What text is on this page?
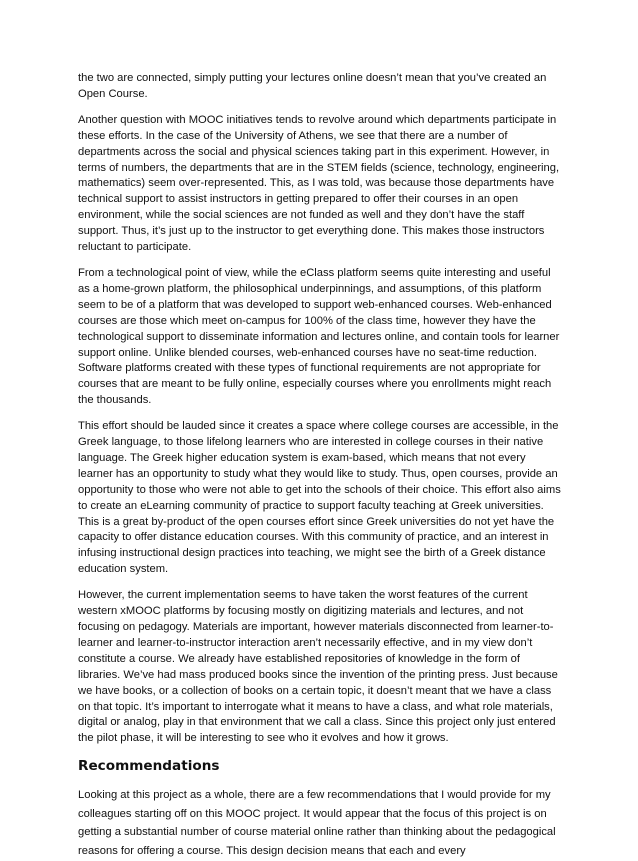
the two are connected, simply putting your lectures online doesn’t mean that you’ve created an Open Course.

Another question with MOOC initiatives tends to revolve around which departments participate in these efforts. In the case of the University of Athens, we see that there are a number of departments across the social and physical sciences taking part in this experiment. However, in terms of numbers, the departments that are in the STEM fields (science, technology, engineering, mathematics) seem over-represented. This, as I was told, was because those departments have technical support to assist instructors in getting prepared to offer their courses in an open environment, while the social sciences are not funded as well and they don’t have the staff support. Thus, it’s just up to the instructor to get everything done. This makes those instructors reluctant to participate.

From a technological point of view, while the eClass platform seems quite interesting and useful as a home-grown platform, the philosophical underpinnings, and assumptions, of this platform seem to be of a platform that was developed to support web-enhanced courses. Web-enhanced courses are those which meet on-campus for 100% of the class time, however they have the technological support to disseminate information and lectures online, and contain tools for learner support online. Unlike blended courses, web-enhanced courses have no seat-time reduction. Software platforms created with these types of functional requirements are not appropriate for courses that are meant to be fully online, especially courses where you enrollments might reach the thousands.

This effort should be lauded since it creates a space where college courses are accessible, in the Greek language, to those lifelong learners who are interested in college courses in their native language. The Greek higher education system is exam-based, which means that not every learner has an opportunity to study what they would like to study. Thus, open courses, provide an opportunity to those who were not able to get into the schools of their choice. This effort also aims to create an eLearning community of practice to support faculty teaching at Greek universities. This is a great by-product of the open courses effort since Greek universities do not yet have the capacity to offer distance education courses. With this community of practice, and an interest in infusing instructional design practices into teaching, we might see the birth of a Greek distance education system.

However, the current implementation seems to have taken the worst features of the current western xMOOC platforms by focusing mostly on digitizing materials and lectures, and not focusing on pedagogy. Materials are important, however materials disconnected from learner-to-learner and learner-to-instructor interaction aren’t necessarily effective, and in my view don’t constitute a course. We already have established repositories of knowledge in the form of libraries. We’ve had mass produced books since the invention of the printing press. Just because we have books, or a collection of books on a certain topic, it doesn’t meant that we have a class on that topic. It’s important to interrogate what it means to have a class, and what role materials, digital or analog, play in that environment that we call a class. Since this project only just entered the pilot phase, it will be interesting to see who it evolves and how it grows.

Recommendations

Looking at this project as a whole, there are a few recommendations that I would provide for my colleagues starting off on this MOOC project. It would appear that the focus of this project is on getting a substantial number of course material online rather than thinking about the pedagogical reasons for offering a course. This design decision means that each and every
